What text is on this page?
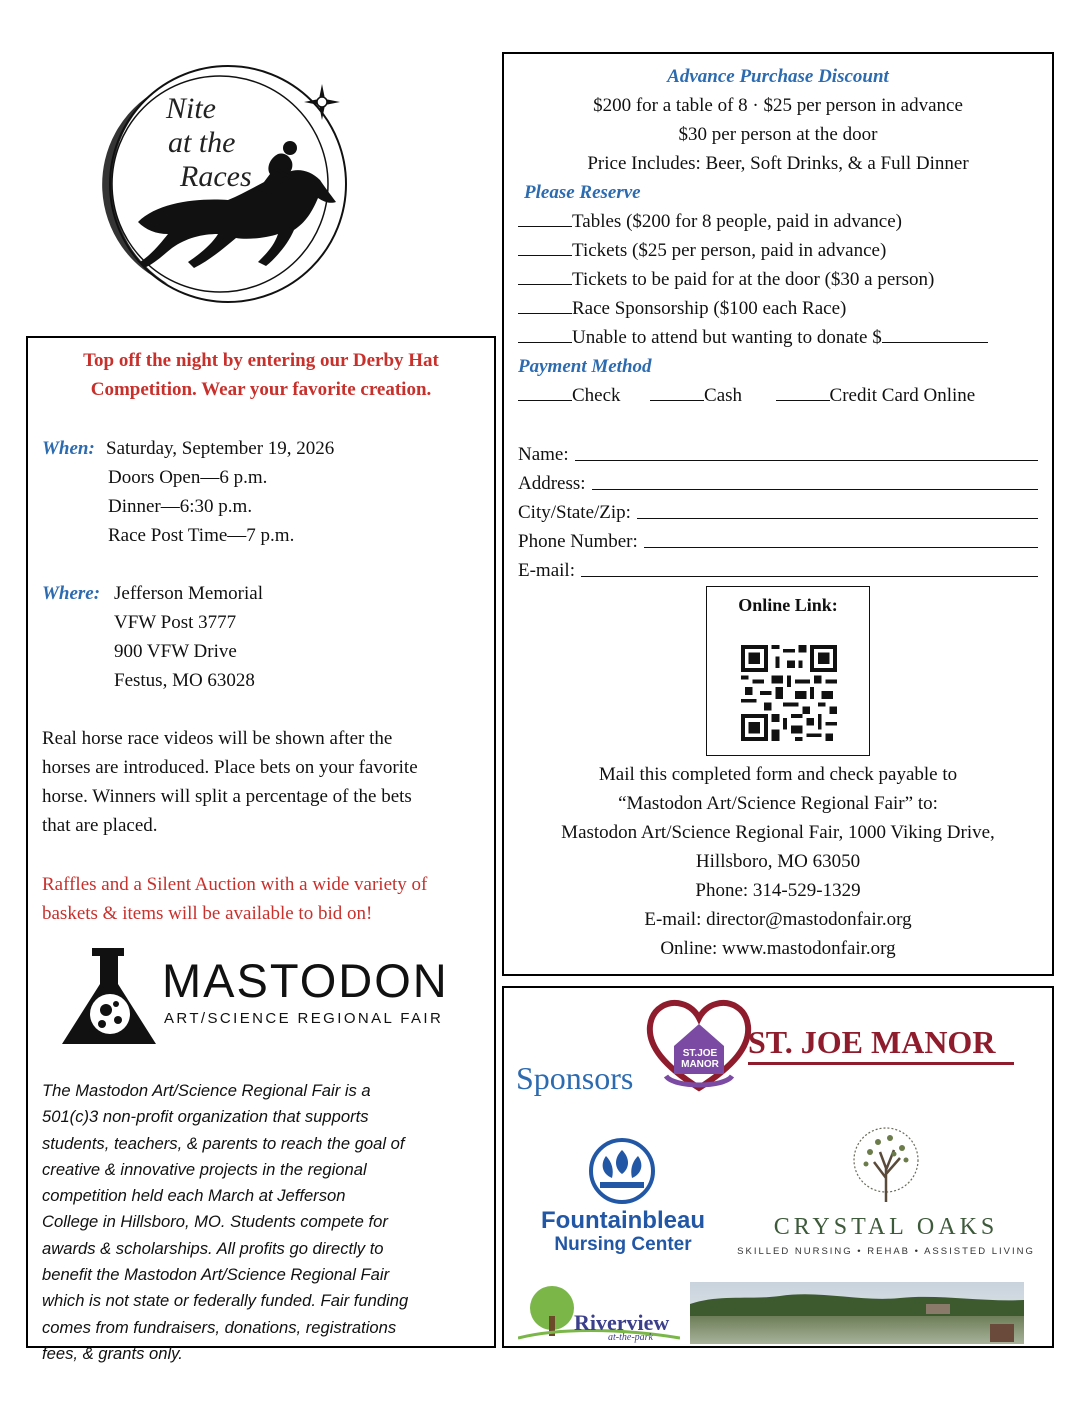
Nite
at the
Races
Top off the night by entering our Derby Hat Competition. Wear your favorite creation.
When: Saturday, September 19, 2026
Doors Open—6 p.m.
Dinner—6:30 p.m.
Race Post Time—7 p.m.
Where: Jefferson Memorial
VFW Post 3777
900 VFW Drive
Festus, MO 63028
Real horse race videos will be shown after the
horses are introduced. Place bets on your favorite
horse. Winners will split a percentage of the bets
that are placed.
Raffles and a Silent Auction with a wide variety of
baskets & items will be available to bid on!
MASTODON
ART/SCIENCE REGIONAL FAIR
The Mastodon Art/Science Regional Fair is a
501(c)3 non-profit organization that supports
students, teachers, & parents to reach the goal of
creative & innovative projects in the regional
competition held each March at Jefferson
College in Hillsboro, MO. Students compete for
awards & scholarships. All profits go directly to
benefit the Mastodon Art/Science Regional Fair
which is not state or federally funded. Fair funding
comes from fundraisers, donations, registrations
fees, & grants only.
Advance Purchase Discount
$200 for a table of 8 · $25 per person in advance
$30 per person at the door
Price Includes: Beer, Soft Drinks, & a Full Dinner
Please Reserve
Tables ($200 for 8 people, paid in advance)
Tickets ($25 per person, paid in advance)
Tickets to be paid for at the door ($30 a person)
Race Sponsorship ($100 each Race)
Unable to attend but wanting to donate $
Payment Method
Check	Cash	Credit Card Online
Name:
Address:
City/State/Zip:
Phone Number:
E-mail:
Online Link:
Mail this completed form and check payable to
“Mastodon Art/Science Regional Fair” to:
Mastodon Art/Science Regional Fair, 1000 Viking Drive,
Hillsboro, MO 63050
Phone: 314-529-1329
E-mail: director@mastodonfair.org
Online: www.mastodonfair.org
Sponsors
ST.JOE
MANOR
ST. JOE MANOR
Fountainbleau
Nursing Center
CRYSTAL OAKS
SKILLED NURSING • REHAB • ASSISTED LIVING
Riverview
at-the-park
